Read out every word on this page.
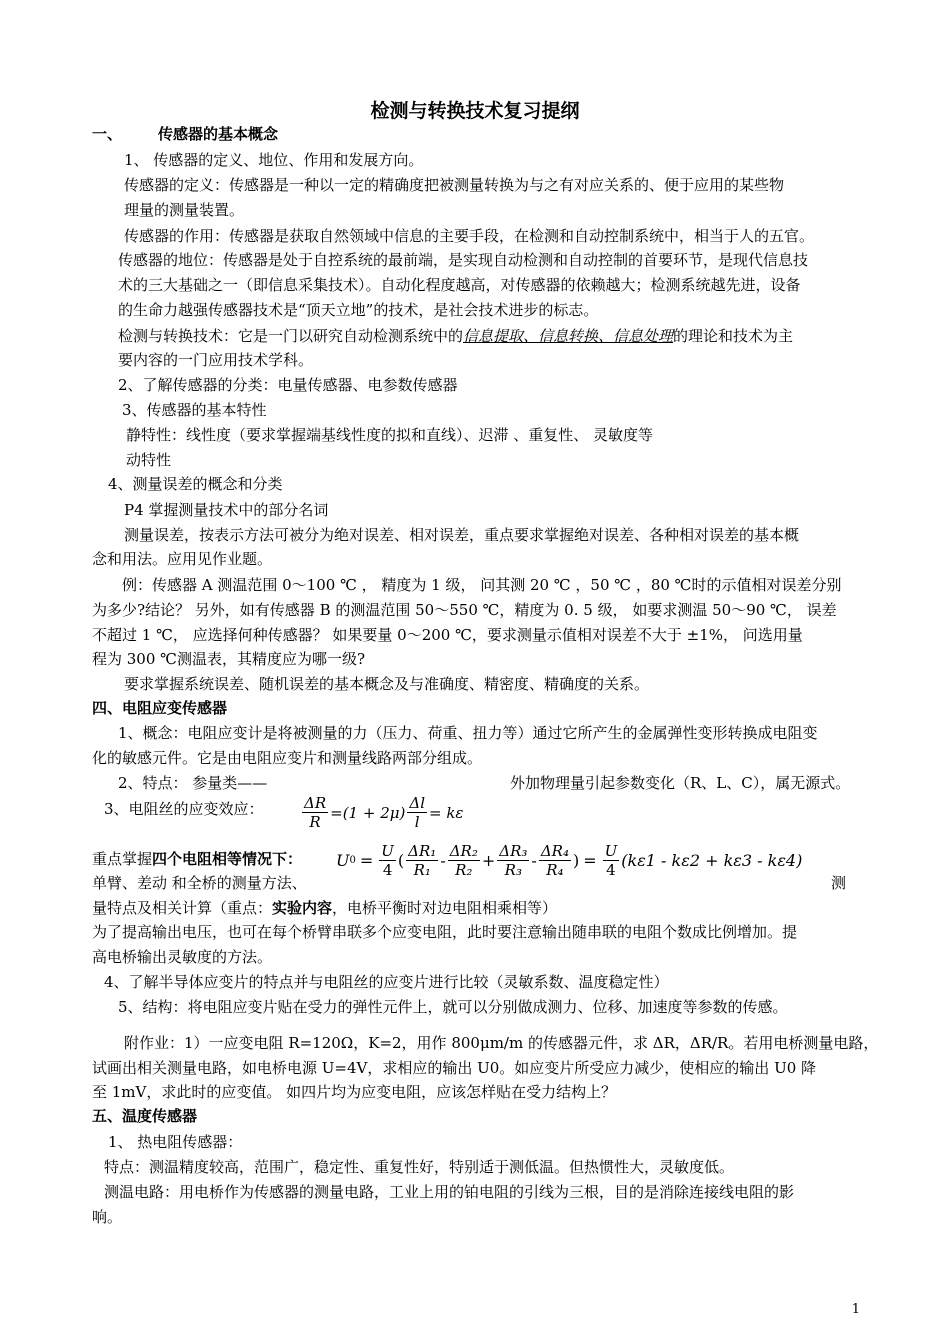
检测与转换技术复习提纲
一、 传感器的基本概念
1、 传感器的定义、地位、作用和发展方向。
传感器的定义：传感器是一种以一定的精确度把被测量转换为与之有对应关系的、便于应用的某些物
理量的测量装置。
传感器的作用：传感器是获取自然领域中信息的主要手段，在检测和自动控制系统中，相当于人的五官。
传感器的地位：传感器是处于自控系统的最前端，是实现自动检测和自动控制的首要环节，是现代信息技
术的三大基础之一（即信息采集技术）。自动化程度越高，对传感器的依赖越大；检测系统越先进，设备
的生命力越强传感器技术是“顶天立地”的技术，是社会技术进步的标志。
检测与转换技术：它是一门以研究自动检测系统中的信息提取、信息转换、信息处理的理论和技术为主
要内容的一门应用技术学科。
2、了解传感器的分类：电量传感器、电参数传感器
3、传感器的基本特性
静特性：线性度（要求掌握端基线性度的拟和直线）、迟滞 、重复性、 灵敏度等
动特性
4、测量误差的概念和分类
P4 掌握测量技术中的部分名词
测量误差，按表示方法可被分为绝对误差、相对误差，重点要求掌握绝对误差、各种相对误差的基本概
念和用法。应用见作业题。
例：传感器 A 测温范围 0～100 ℃ ， 精度为 1 级， 问其测 20 ℃ ，50 ℃ ，80 ℃时的示值相对误差分别
为多少?结论？ 另外，如有传感器 B 的测温范围 50～550 ℃，精度为 0. 5 级， 如要求测温 50～90 ℃， 误差
不超过 1 ℃， 应选择何种传感器？ 如果要量 0～200 ℃，要求测量示值相对误差不大于 ±1%， 问选用量
程为 300 ℃测温表，其精度应为哪一级?
要求掌握系统误差、随机误差的基本概念及与准确度、精密度、精确度的关系。
四、电阻应变传感器
1、概念：电阻应变计是将被测量的力（压力、荷重、扭力等）通过它所产生的金属弹性变形转换成电阻变
化的敏感元件。它是由电阻应变片和测量线路两部分组成。
2、特点： 参量类——	外加物理量引起参数变化（R、L、C），属无源式。
3、电阻丝的应变效应：	$\frac{\Delta R}{R} =(1 + 2\mu) \frac{\Delta l}{l} = k\varepsilon$
重点掌握四个电阻相等情况下：
单臂、差动 和全桥的测量方法、	测
U $0 = \frac{U}{4}$ ( $\frac{\text{ΔR₁}}{\text{R₁}} - \frac{\text{ΔR₂}}{\text{R₂}} + \frac{\text{ΔR₃}}{\text{R₃}} - \frac{\text{ΔR₄}}{\text{R₄}}$ ) = $\frac{U}{4} (k\varepsilon 1 - k\varepsilon 2 + k\varepsilon 3 - k\varepsilon 4)$
量特点及相关计算（重点：实验内容，电桥平衡时对边电阻相乘相等）
为了提高输出电压，也可在每个桥臂串联多个应变电阻，此时要注意输出随串联的电阻个数成比例增加。提
高电桥输出灵敏度的方法。
4、了解半导体应变片的特点并与电阻丝的应变片进行比较（灵敏系数、温度稳定性）
5、结构：将电阻应变片贴在受力的弹性元件上，就可以分别做成测力、位移、加速度等参数的传感。
附作业：1）一应变电阻 R=120Ω，K=2，用作 800μm/m 的传感器元件，求 ΔR，ΔR/R。若用电桥测量电路，
试画出相关测量电路，如电桥电源 U=4V，求相应的输出 U0。如应变片所受应力减少，使相应的输出 U0 降
至 1mV，求此时的应变值。 如四片均为应变电阻，应该怎样贴在受力结构上？
五、温度传感器
1、 热电阻传感器：
特点：测温精度较高，范围广，稳定性、重复性好，特别适于测低温。但热惯性大，灵敏度低。
测温电路：用电桥作为传感器的测量电路，工业上用的铂电阻的引线为三根，目的是消除连接线电阻的影
响。
1
